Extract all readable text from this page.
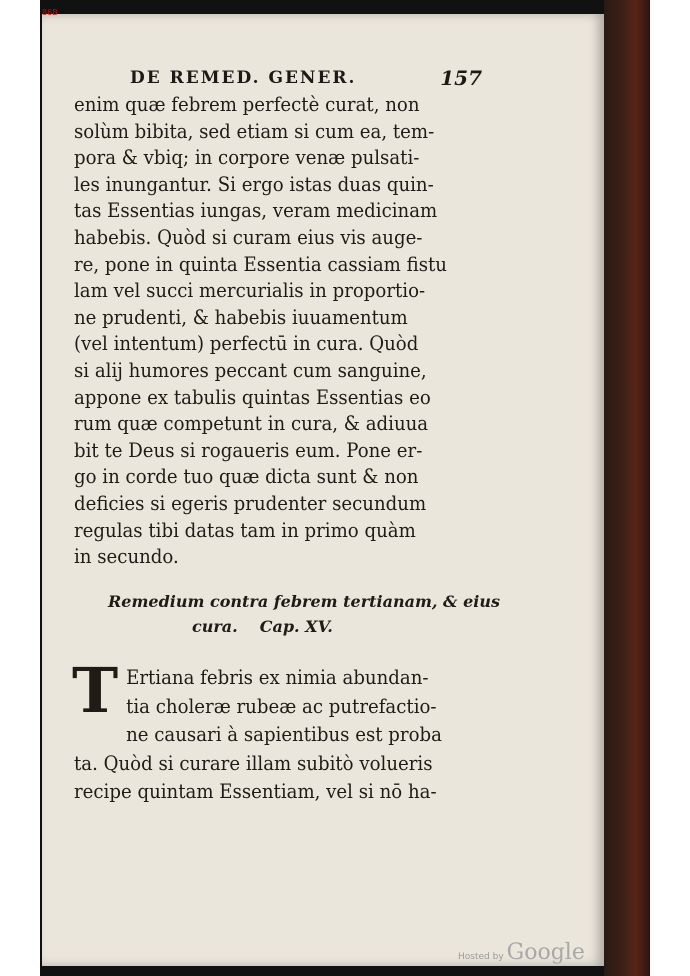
86B
DE REMED. GENER.	157
enim quæ febrem perfectè curat, non
solùm bibita, sed etiam si cum ea, tem-
pora & vbiq; in corpore venæ pulsati-
les inungantur. Si ergo istas duas quin-
tas Essentias iungas, veram medicinam
habebis. Quòd si curam eius vis auge-
re, pone in quinta Essentia cassiam fistu
lam vel succi mercurialis in proportio-
ne prudenti, & habebis iuuamentum
(vel intentum) perfectū in cura. Quòd
si alij humores peccant cum sanguine,
appone ex tabulis quintas Essentias eo
rum quæ competunt in cura, & adiuua
bit te Deus si rogaueris eum. Pone er-
go in corde tuo quæ dicta sunt & non
deficies si egeris prudenter secundum
regulas tibi datas tam in primo quàm
in secundo.
Remedium contra febrem tertianam, & eius
cura. Cap. XV.
T Ertiana febris ex nimia abundan-
tia choleræ rubeæ ac putrefactio-
ne causari à sapientibus est proba
ta. Quòd si curare illam subitò volueris
recipe quintam Essentiam, vel si nō ha-
Hosted by Google
